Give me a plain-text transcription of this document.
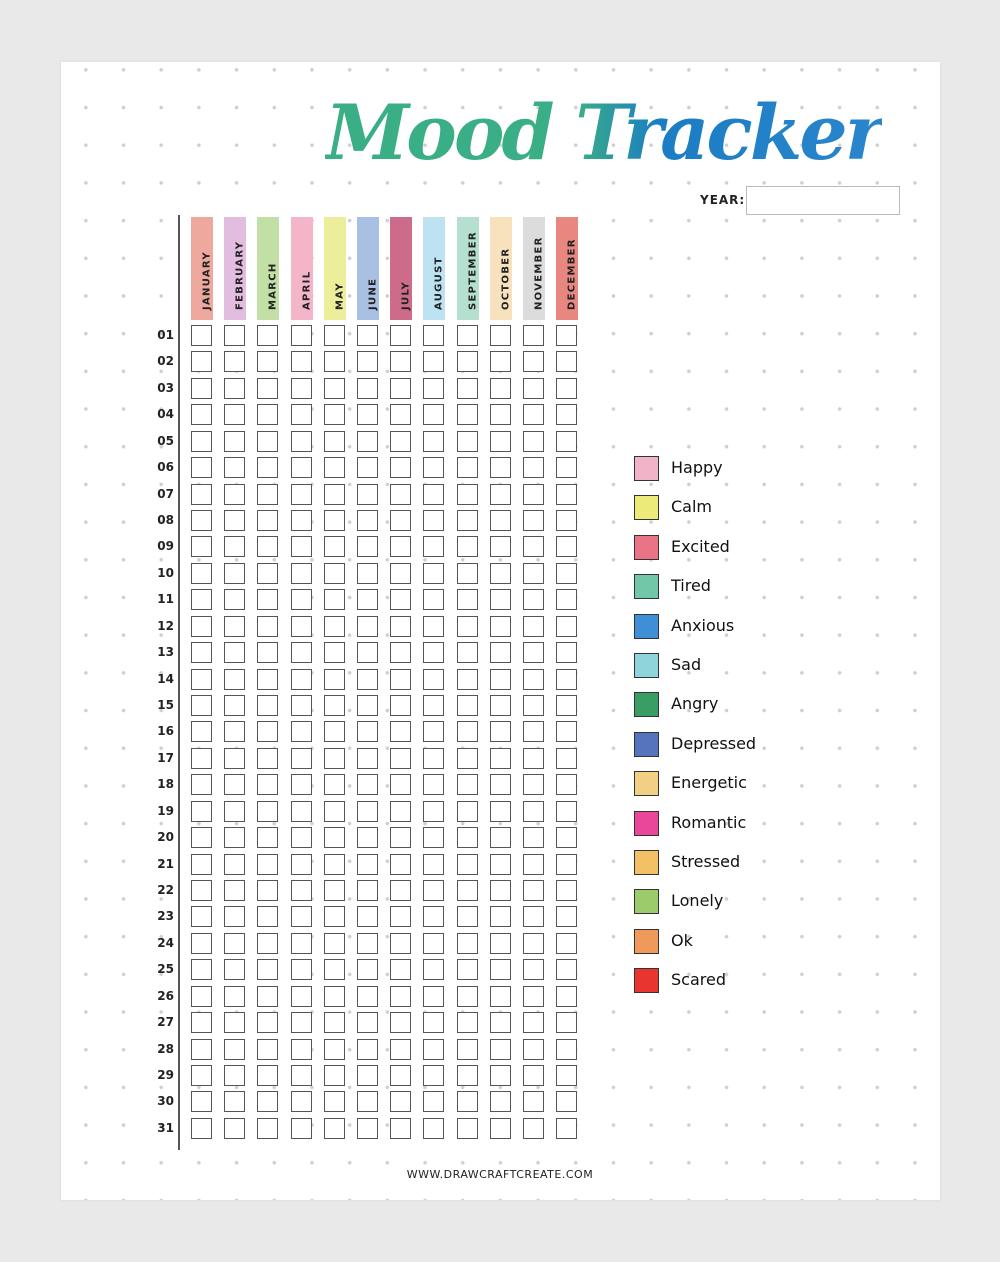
Mood Tracker
YEAR:
JANUARY FEBRUARY MARCH APRIL MAY JUNE JULY AUGUST SEPTEMBER OCTOBER NOVEMBER DECEMBER
01
02
03
04
05
06
07
08
09
10
11
12
13
14
15
16
17
18
19
20
21
22
23
24
25
26
27
28
29
30
31
Happy
Calm
Excited
Tired
Anxious
Sad
Angry
Depressed
Energetic
Romantic
Stressed
Lonely
Ok
Scared
WWW.DRAWCRAFTCREATE.COM
